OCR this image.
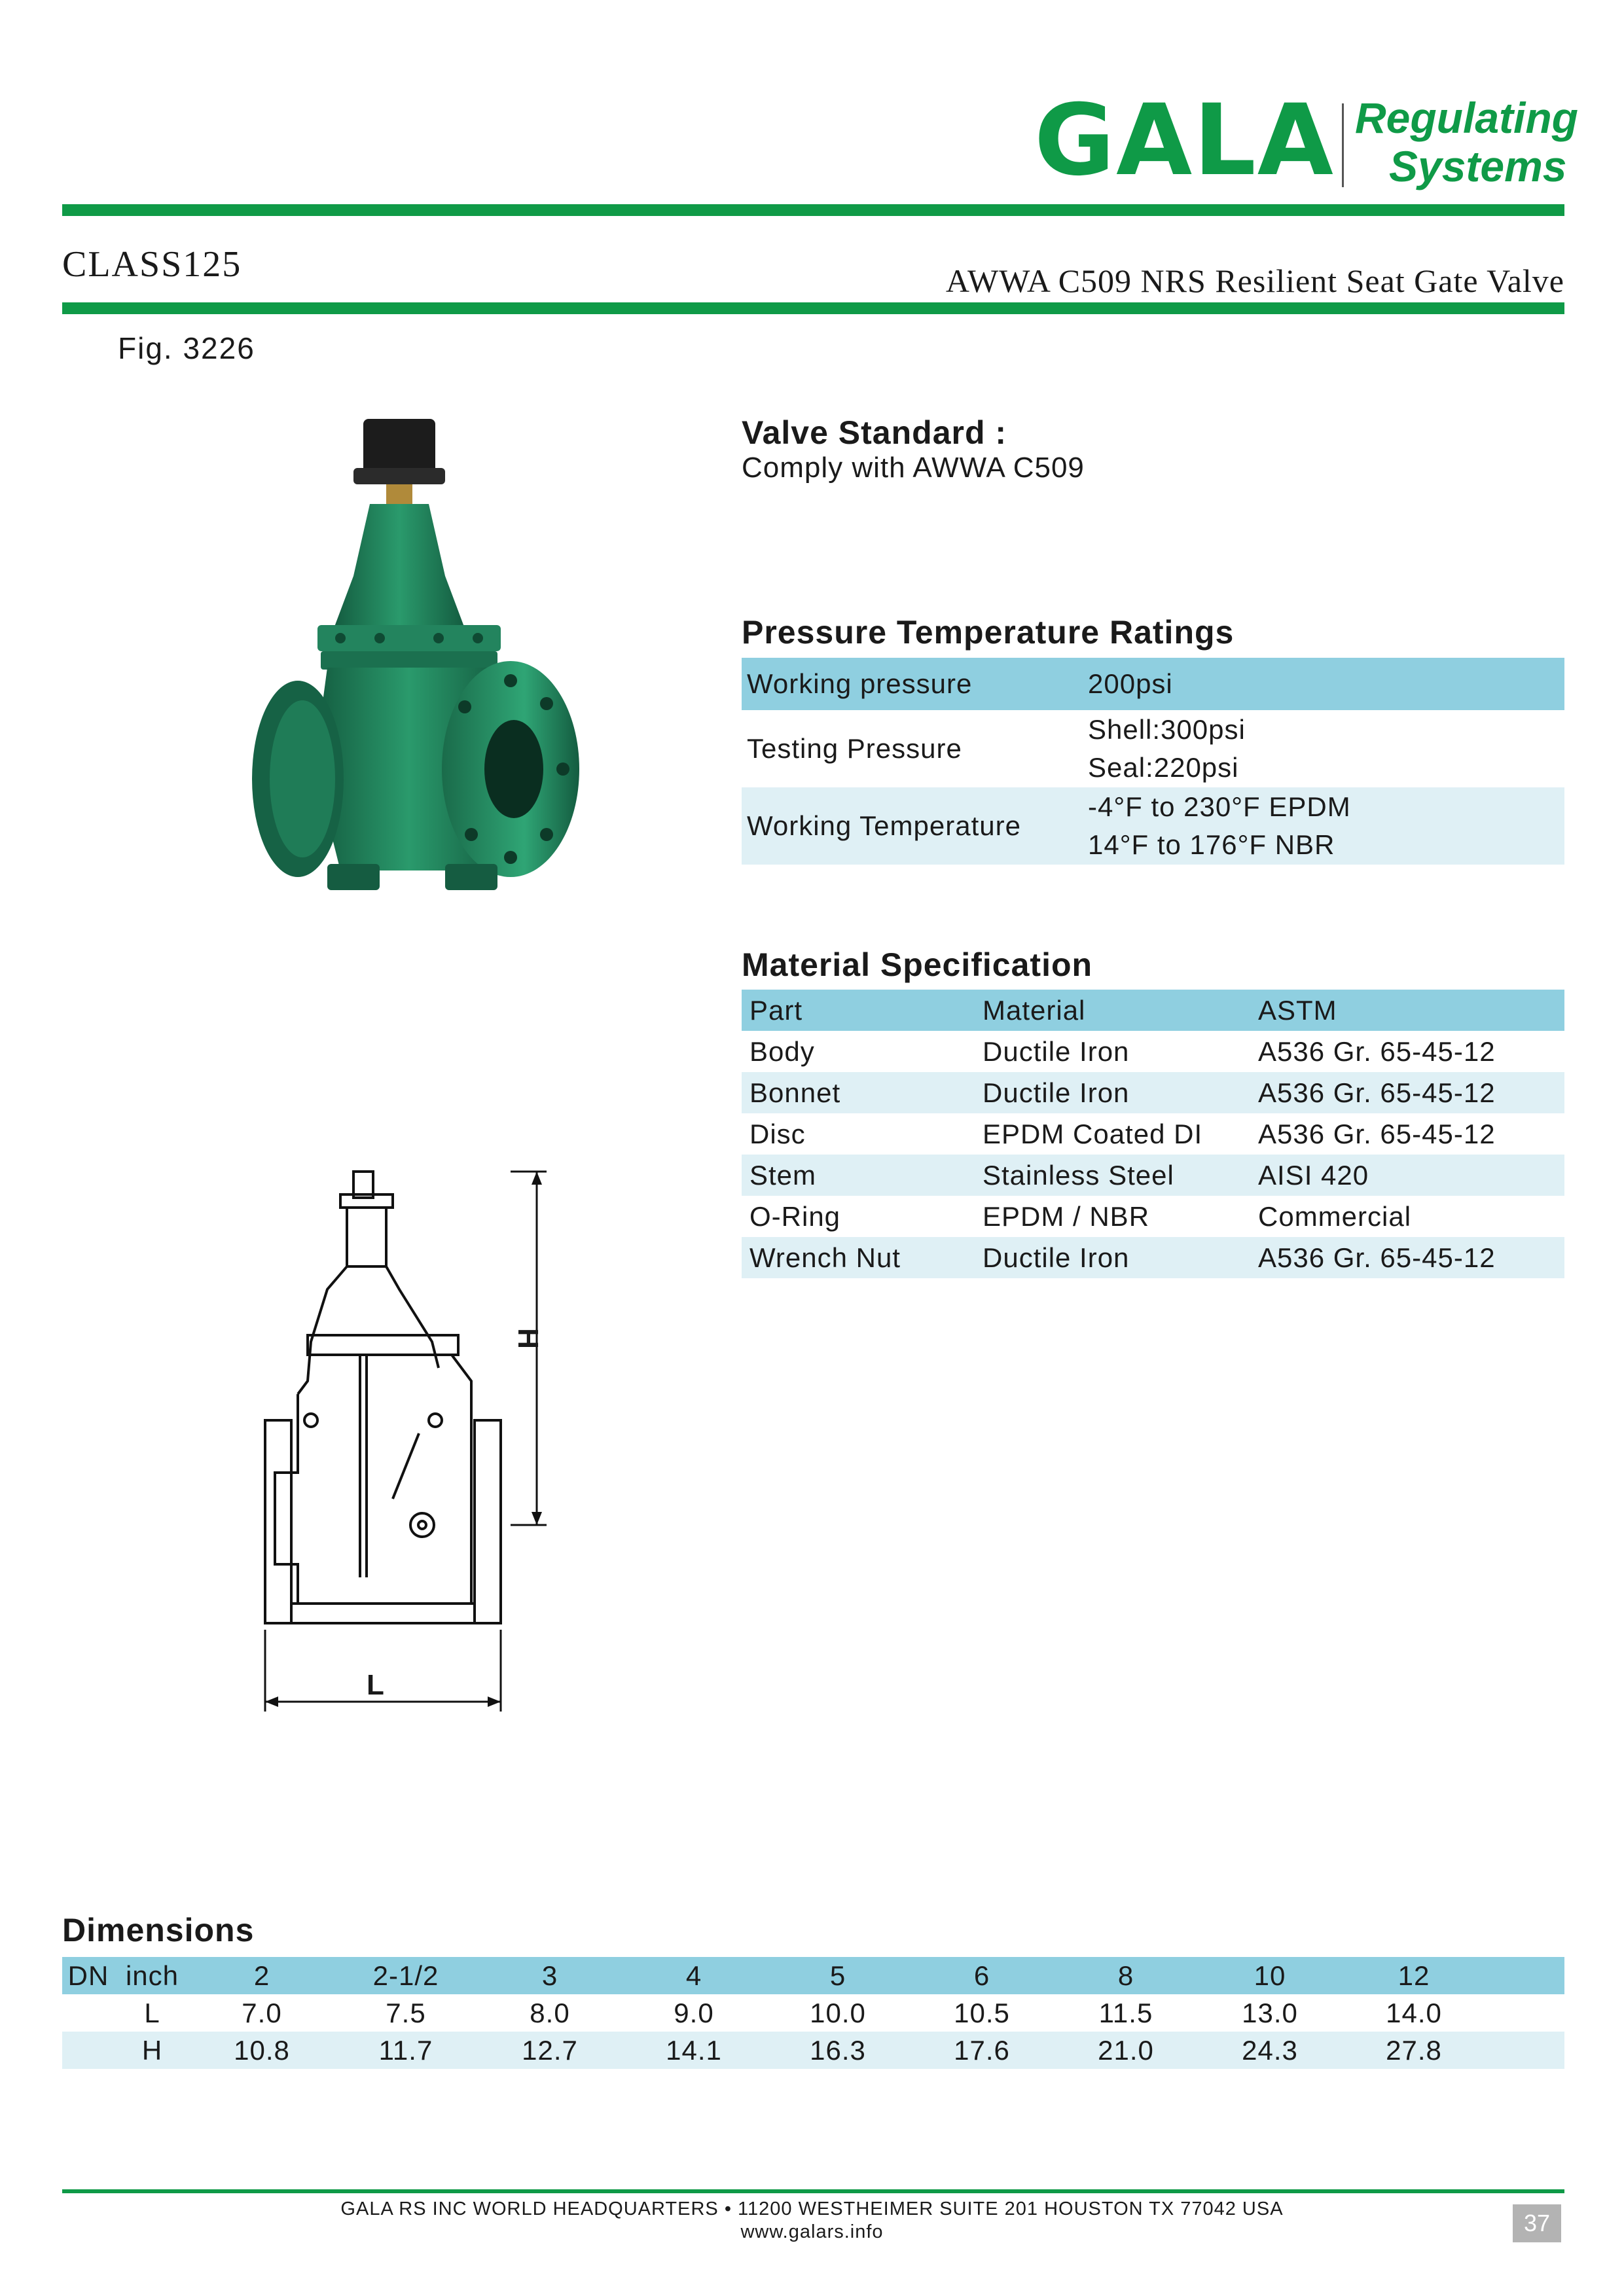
GALA Regulating
Systems
CLASS125	AWWA C509 NRS Resilient Seat Gate Valve
Fig. 3226
Valve Standard :
Comply with AWWA C509
Pressure Temperature Ratings
Working pressure	200psi
Testing Pressure	Shell:300psi
Seal:220psi

Working Temperature	-4°F to 230°F EPDM
14°F to 176°F NBR
Material Specification
Part	Material	ASTM
Body	Ductile Iron	A536 Gr. 65-45-12
Bonnet	Ductile Iron	A536 Gr. 65-45-12
Disc	EPDM Coated DI	A536 Gr. 65-45-12
Stem	Stainless Steel	AISI 420
O-Ring	EPDM / NBR	Commercial
Wrench Nut	Ductile Iron	A536 Gr. 65-45-12
H
L
Dimensions
DN	inch	2	2-1/2	3	4	5	6	8	10	12	
	L	7.0	7.5	8.0	9.0	10.0	10.5	11.5	13.0	14.0	
	H	10.8	11.7	12.7	14.1	16.3	17.6	21.0	24.3	27.8	
GALA RS INC WORLD HEADQUARTERS • 11200 WESTHEIMER SUITE 201 HOUSTON TX 77042 USA
www.galars.info	37
